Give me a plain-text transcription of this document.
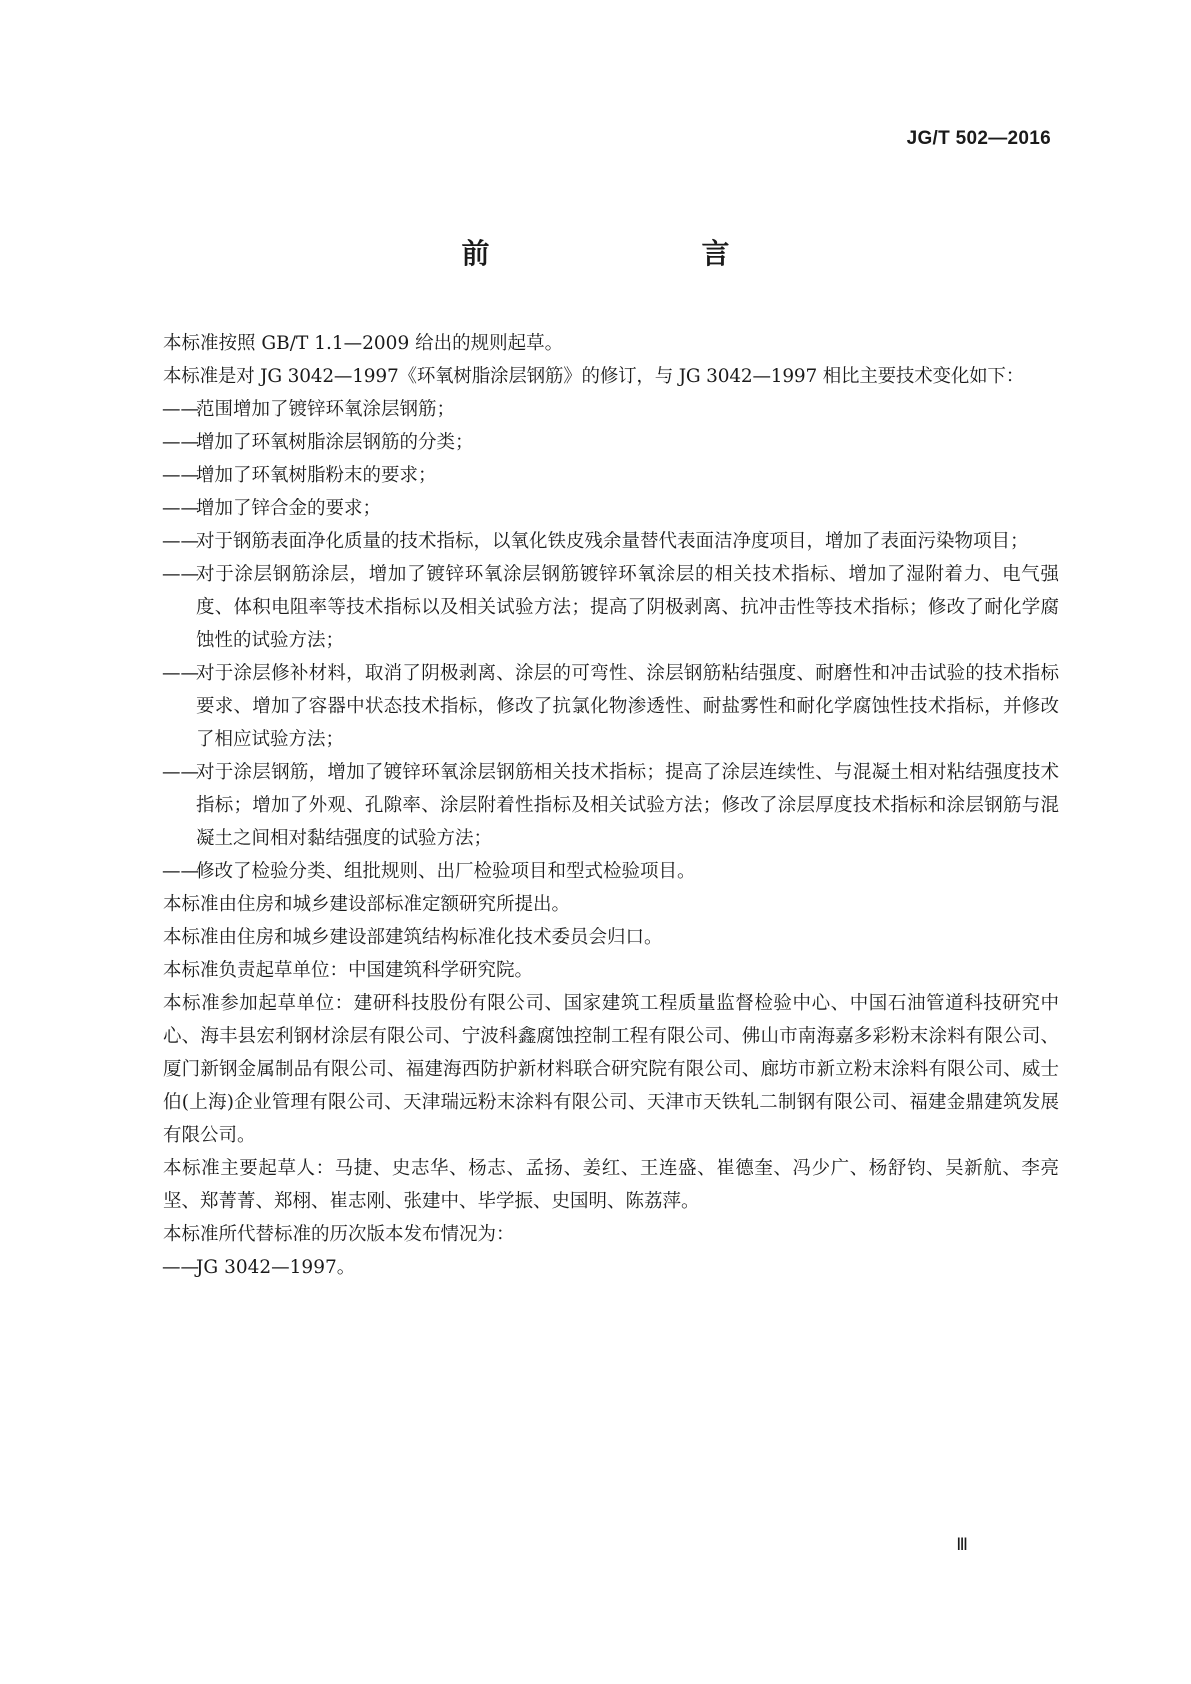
JG/T 502—2016
前　　言

本标准按照 GB/T 1.1—2009 给出的规则起草。

本标准是对 JG 3042—1997《环氧树脂涂层钢筋》的修订，与 JG 3042—1997 相比主要技术变化如下：

——
范围增加了镀锌环氧涂层钢筋；
——
增加了环氧树脂涂层钢筋的分类；
——
增加了环氧树脂粉末的要求；
——
增加了锌合金的要求；
——
对于钢筋表面净化质量的技术指标，以氧化铁皮残余量替代表面洁净度项目，增加了表面污染物项目；
——
对于涂层钢筋涂层，增加了镀锌环氧涂层钢筋镀锌环氧涂层的相关技术指标、增加了湿附着力、电气强度、体积电阻率等技术指标以及相关试验方法；提高了阴极剥离、抗冲击性等技术指标；修改了耐化学腐蚀性的试验方法；
——
对于涂层修补材料，取消了阴极剥离、涂层的可弯性、涂层钢筋粘结强度、耐磨性和冲击试验的技术指标要求、增加了容器中状态技术指标，修改了抗氯化物渗透性、耐盐雾性和耐化学腐蚀性技术指标，并修改了相应试验方法；
——
对于涂层钢筋，增加了镀锌环氧涂层钢筋相关技术指标；提高了涂层连续性、与混凝土相对粘结强度技术指标；增加了外观、孔隙率、涂层附着性指标及相关试验方法；修改了涂层厚度技术指标和涂层钢筋与混凝土之间相对黏结强度的试验方法；
——
修改了检验分类、组批规则、出厂检验项目和型式检验项目。

本标准由住房和城乡建设部标准定额研究所提出。

本标准由住房和城乡建设部建筑结构标准化技术委员会归口。

本标准负责起草单位：中国建筑科学研究院。

本标准参加起草单位：建研科技股份有限公司、国家建筑工程质量监督检验中心、中国石油管道科技研究中心、海丰县宏利钢材涂层有限公司、宁波科鑫腐蚀控制工程有限公司、佛山市南海嘉多彩粉末涂料有限公司、厦门新钢金属制品有限公司、福建海西防护新材料联合研究院有限公司、廊坊市新立粉末涂料有限公司、威士伯(上海)企业管理有限公司、天津瑞远粉末涂料有限公司、天津市天铁轧二制钢有限公司、福建金鼎建筑发展有限公司。

本标准主要起草人：马捷、史志华、杨志、孟扬、姜红、王连盛、崔德奎、冯少广、杨舒钧、吴新航、李亮坚、郑菁菁、郑栩、崔志刚、张建中、毕学振、史国明、陈荔萍。

本标准所代替标准的历次版本发布情况为：

——
JG 3042—1997。
Ⅲ
